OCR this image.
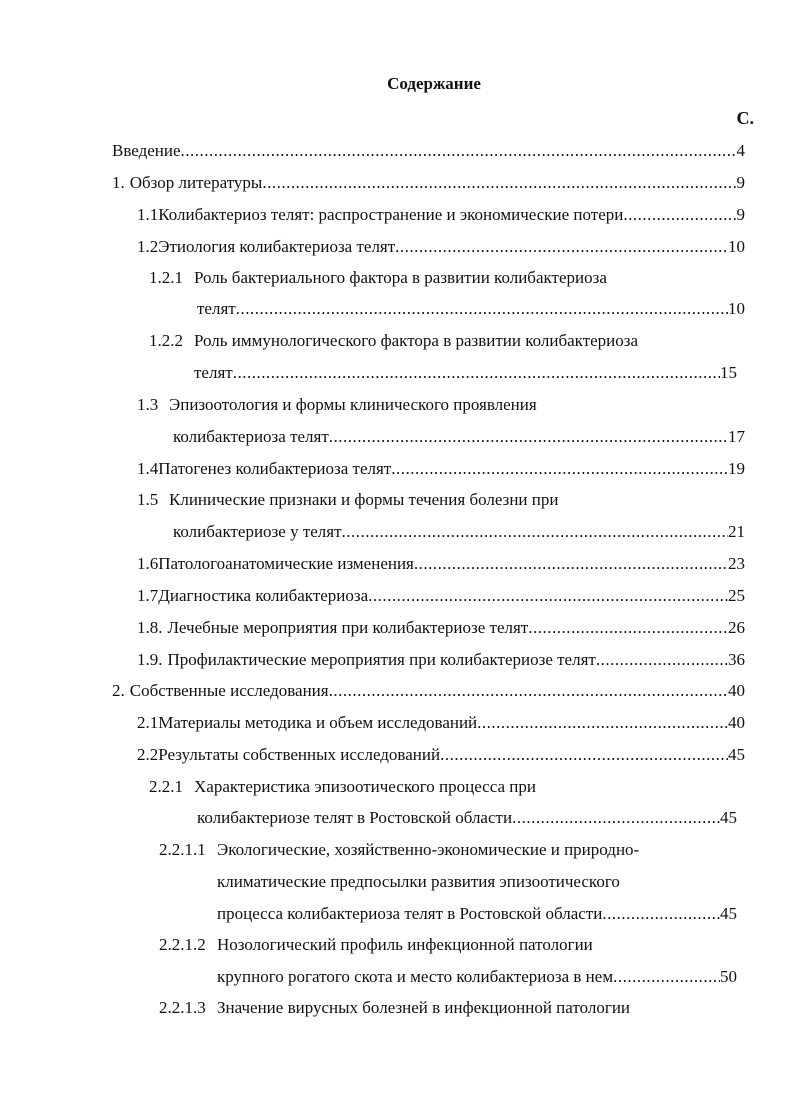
Содержание
С.
Введение .....	4
1. Обзор литературы .....	9
1.1 Колибактериоз телят: распространение и экономические потери .....	9
1.2 Этиология колибактериоза телят .....	10
1.2.1 Роль бактериального фактора в развитии колибактериоза
телят .....	10
1.2.2 Роль иммунологического фактора в развитии колибактериоза
телят .....	15
1.3 Эпизоотология и формы клинического проявления
колибактериоза телят .....	17
1.4 Патогенез колибактериоза телят .....	19
1.5 Клинические признаки и формы течения болезни при
колибактериозе у телят .....	21
1.6 Патологоанатомические изменения .....	23
1.7 Диагностика колибактериоза .....	25
1.8. Лечебные мероприятия при колибактериозе телят .....	26
1.9. Профилактические мероприятия при колибактериозе телят .....	36
2. Собственные исследования .....	40
2.1 Материалы методика и объем исследований .....	40
2.2 Результаты собственных исследований .....	45
2.2.1 Характеристика эпизоотического процесса при
колибактериозе телят в Ростовской области .....	45
2.2.1.1 Экологические, хозяйственно-экономические и природно-
климатические предпосылки развития эпизоотического
процесса колибактериоза телят в Ростовской области .....	45
2.2.1.2 Нозологический профиль инфекционной патологии
крупного рогатого скота и место колибактериоза в нем .....	50
2.2.1.3 Значение вирусных болезней в инфекционной патологии
